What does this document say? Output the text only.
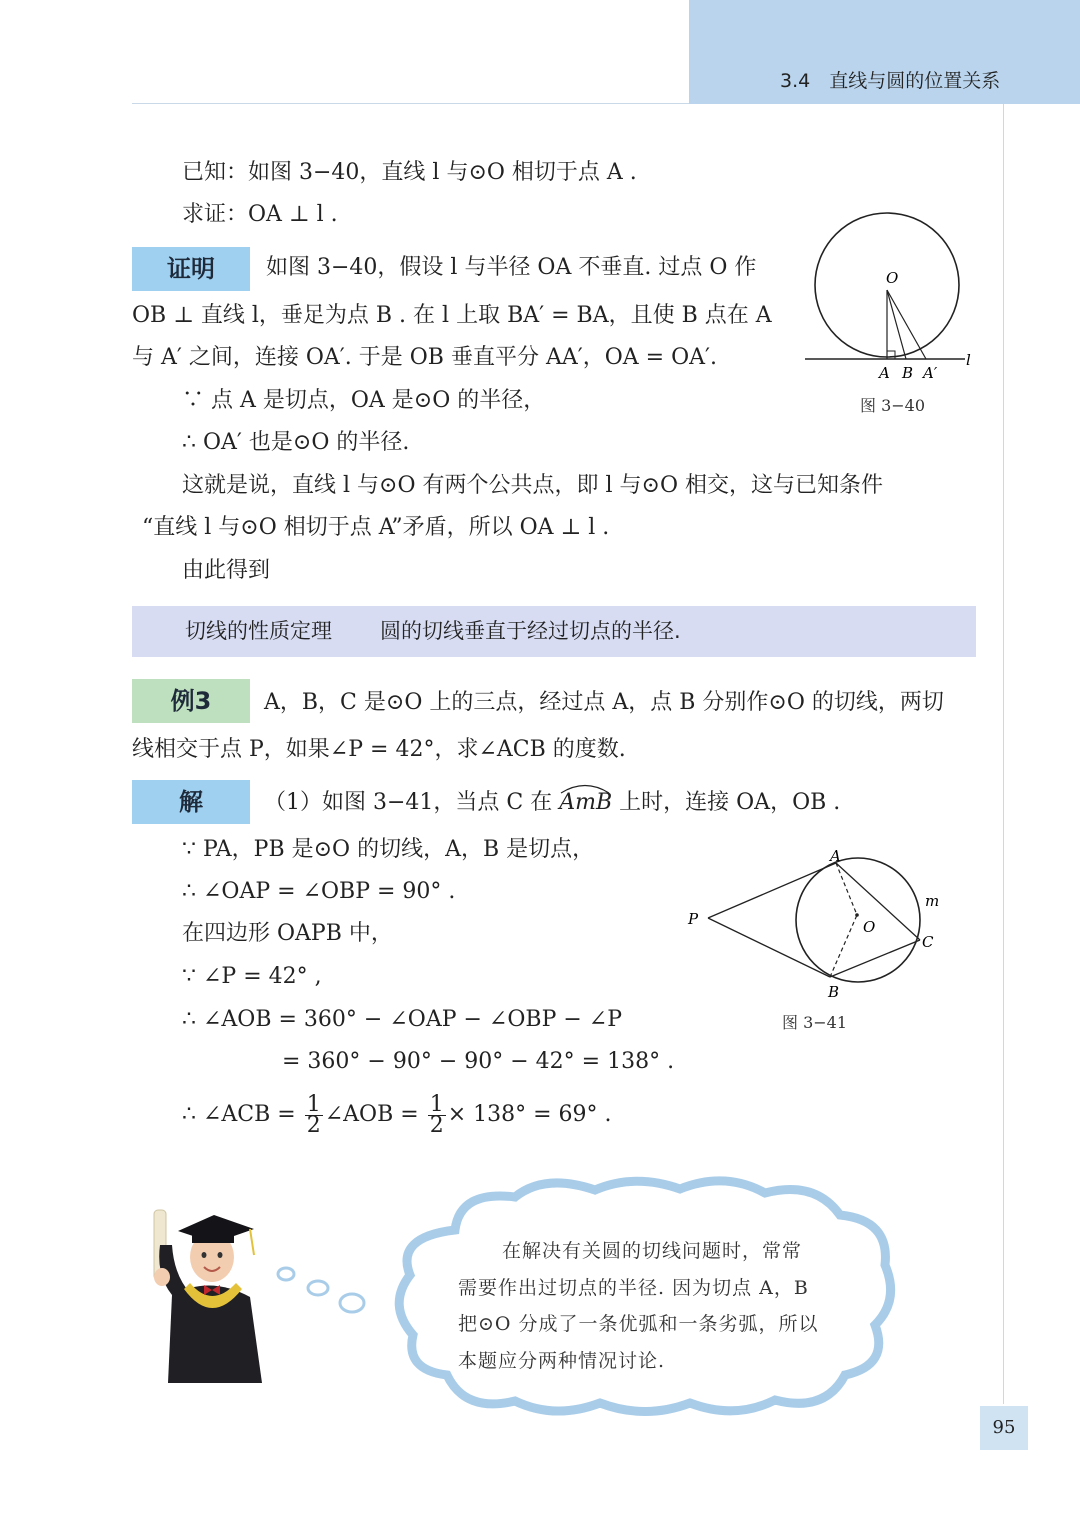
3.4　直线与圆的位置关系
已知：如图 3−40，直线 l 与⊙O 相切于点 A .
求证：OA ⊥ l .
证明	如图 3−40，假设 l 与半径 OA 不垂直. 过点 O 作
OB ⊥ 直线 l，垂足为点 B . 在 l 上取 BA′ = BA，且使 B 点在 A
与 A′ 之间，连接 OA′. 于是 OB 垂直平分 AA′，OA = OA′.
∵ 点 A 是切点，OA 是⊙O 的半径，
∴ OA′ 也是⊙O 的半径.
这就是说，直线 l 与⊙O 有两个公共点，即 l 与⊙O 相交，这与已知条件
“直线 l 与⊙O 相切于点 A”矛盾，所以 OA ⊥ l .
由此得到
O
A B A′
l
图 3−40
切线的性质定理 圆的切线垂直于经过切点的半径.
例3	A，B，C 是⊙O 上的三点，经过点 A，点 B 分别作⊙O 的切线，两切
线相交于点 P，如果∠P = 42°，求∠ACB 的度数.
解	（1）如图 3−41，当点 C 在
AmB 上时，连接 OA，OB .
∵ PA，PB 是⊙O 的切线，A，B 是切点，
∴ ∠OAP = ∠OBP = 90° .
在四边形 OAPB 中，
∵ ∠P = 42° ,
∴ ∠AOB = 360° − ∠OAP − ∠OBP − ∠P
= 360° − 90° − 90° − 42° = 138° .
∴ ∠ACB = $\frac{1}{2}$ ∠AOB = $\frac{1}{2} \times 138^\circ = 69^\circ$ .
A
B
C
O
P
m
图 3−41
在解决有关圆的切线问题时，常常
需要作出过切点的半径. 因为切点 A，B
把⊙O 分成了一条优弧和一条劣弧，所以
本题应分两种情况讨论.
95
